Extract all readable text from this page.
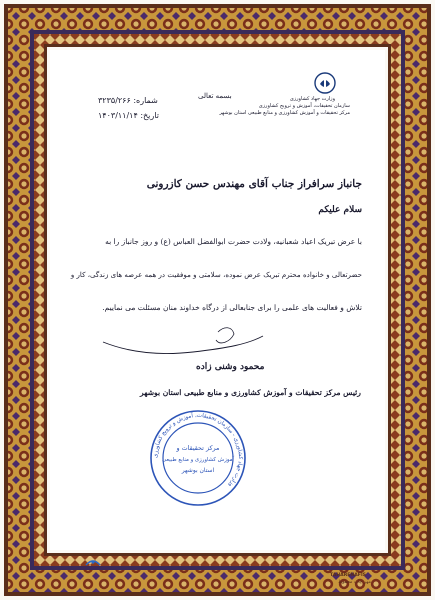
وزارت جهاد کشاورزی
سازمان تحقیقات، آموزش و ترویج کشاورزی
مرکز تحقیقات و آموزش کشاورزی و منابع طبیعی استان بوشهر
بسمه تعالی
شماره: ۳۲۳۵/۲۶۶
تاریخ: ۱۴۰۳/۱۱/۱۴
جانباز سرافراز جناب آقای مهندس حسن کازرونی
سلام علیکم
با عرض تبریک اعیاد شعبانیه، ولادت حضرت ابوالفضل العباس (ع) و روز جانباز را به
حضرتعالی و خانواده محترم تبریک عرض نموده، سلامتی و موفقیت در همه عرصه های زندگی، کار و
تلاش و فعالیت های علمی را برای جنابعالی از درگاه خداوند منان مسئلت می نماییم.
محمود وشنی زاده
رئیس مرکز تحقیقات و آموزش کشاورزی و منابع طبیعی استان بوشهر
وزارت جهاد کشاورزی - سازمان تحقیقات، آموزش و ترویج کشاورزی
مرکز تحقیقات و
آموزش کشاورزی و منابع طبیعی
استان بوشهر
TAHARENAFIS
مهر چاپ محفوظ
